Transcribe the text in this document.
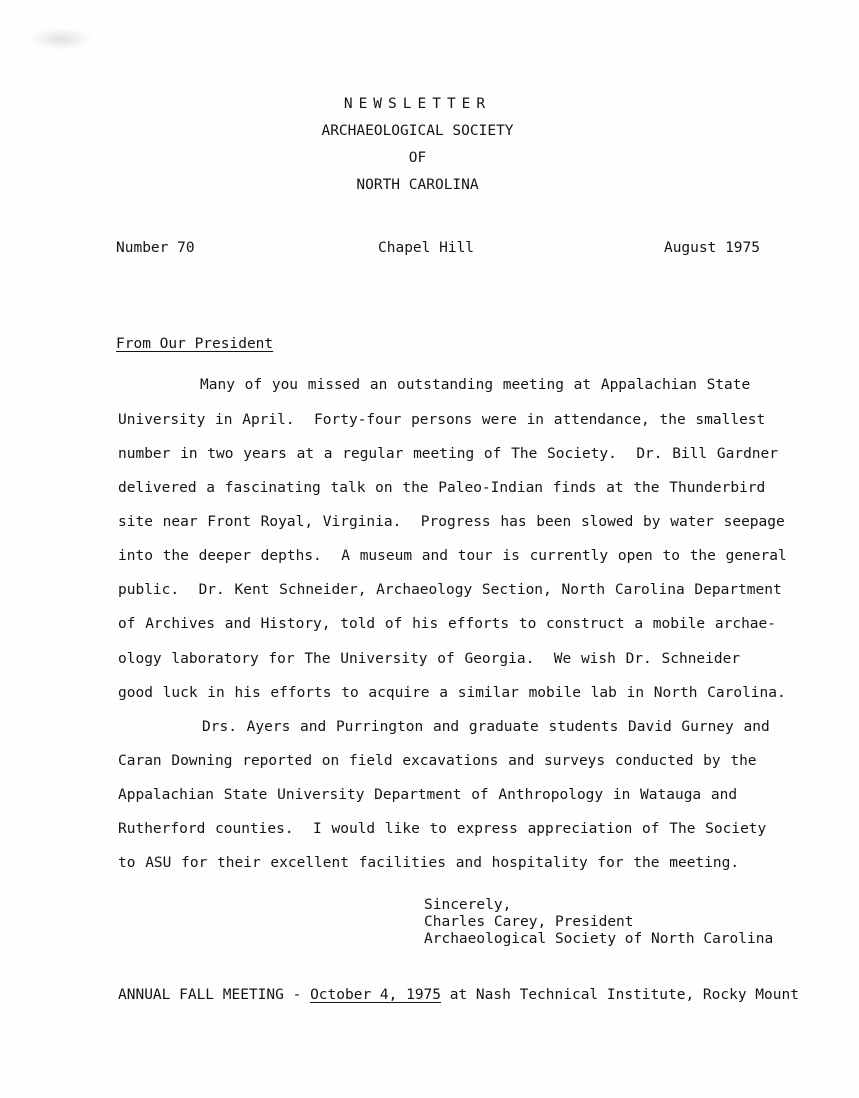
NEWSLETTER
ARCHAEOLOGICAL SOCIETY
OF
NORTH CAROLINA
Number 70	Chapel Hill	August 1975
From Our President
Many of you missed an outstanding meeting at Appalachian State
University in April.  Forty-four persons were in attendance, the smallest
number in two years at a regular meeting of The Society.  Dr. Bill Gardner
delivered a fascinating talk on the Paleo-Indian finds at the Thunderbird
site near Front Royal, Virginia.  Progress has been slowed by water seepage
into the deeper depths.  A museum and tour is currently open to the general
public.  Dr. Kent Schneider, Archaeology Section, North Carolina Department
of Archives and History, told of his efforts to construct a mobile archae-
ology laboratory for The University of Georgia.  We wish Dr. Schneider
good luck in his efforts to acquire a similar mobile lab in North Carolina.
Drs. Ayers and Purrington and graduate students David Gurney and
Caran Downing reported on field excavations and surveys conducted by the
Appalachian State University Department of Anthropology in Watauga and
Rutherford counties.  I would like to express appreciation of The Society
to ASU for their excellent facilities and hospitality for the meeting.
Sincerely,
Charles Carey, President
Archaeological Society of North Carolina
ANNUAL FALL MEETING - October 4, 1975 at Nash Technical Institute, Rocky Mount
